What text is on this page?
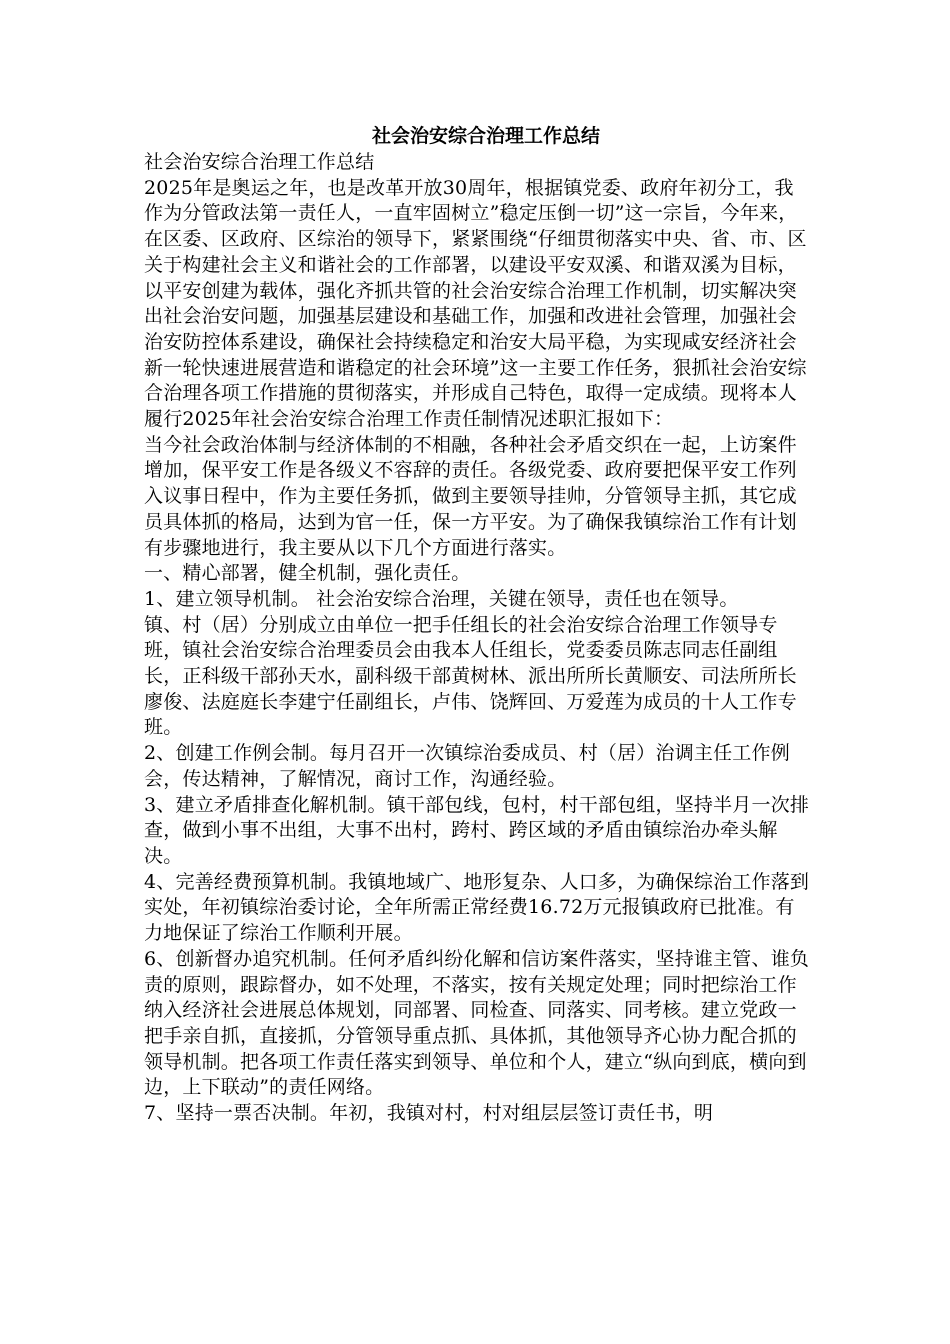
社会治安综合治理工作总结

社会治安综合治理工作总结

2025年是奥运之年，也是改革开放30周年，根据镇党委、政府年初分工，我作为分管政法第一责任人，一直牢固树立”稳定压倒一切”这一宗旨，今年来，在区委、区政府、区综治的领导下，紧紧围绕“仔细贯彻落实中央、省、市、区关于构建社会主义和谐社会的工作部署，以建设平安双溪、和谐双溪为目标，以平安创建为载体，强化齐抓共管的社会治安综合治理工作机制，切实解决突出社会治安问题，加强基层建设和基础工作，加强和改进社会管理，加强社会治安防控体系建设，确保社会持续稳定和治安大局平稳，为实现咸安经济社会新一轮快速进展营造和谐稳定的社会环境”这一主要工作任务，狠抓社会治安综合治理各项工作措施的贯彻落实，并形成自己特色，取得一定成绩。现将本人履行2025年社会治安综合治理工作责任制情况述职汇报如下：

当今社会政治体制与经济体制的不相融，各种社会矛盾交织在一起，上访案件增加，保平安工作是各级义不容辞的责任。各级党委、政府要把保平安工作列入议事日程中，作为主要任务抓，做到主要领导挂帅，分管领导主抓，其它成员具体抓的格局，达到为官一任，保一方平安。为了确保我镇综治工作有计划有步骤地进行，我主要从以下几个方面进行落实。

一、精心部署，健全机制，强化责任。

1、建立领导机制。 社会治安综合治理，关键在领导，责任也在领导。

镇、村（居）分别成立由单位一把手任组长的社会治安综合治理工作领导专班，镇社会治安综合治理委员会由我本人任组长，党委委员陈志同志任副组长，正科级干部孙天水，副科级干部黄树林、派出所所长黄顺安、司法所所长廖俊、法庭庭长李建宁任副组长，卢伟、饶辉回、万爱莲为成员的十人工作专班。

2、创建工作例会制。每月召开一次镇综治委成员、村（居）治调主任工作例会，传达精神，了解情况，商讨工作，沟通经验。

3、建立矛盾排查化解机制。镇干部包线，包村，村干部包组，坚持半月一次排查，做到小事不出组，大事不出村，跨村、跨区域的矛盾由镇综治办牵头解决。

4、完善经费预算机制。我镇地域广、地形复杂、人口多，为确保综治工作落到实处，年初镇综治委讨论，全年所需正常经费16.72万元报镇政府已批准。有力地保证了综治工作顺利开展。

6、创新督办追究机制。任何矛盾纠纷化解和信访案件落实，坚持谁主管、谁负责的原则，跟踪督办，如不处理，不落实，按有关规定处理；同时把综治工作纳入经济社会进展总体规划，同部署、同检查、同落实、同考核。建立党政一把手亲自抓，直接抓，分管领导重点抓、具体抓，其他领导齐心协力配合抓的领导机制。把各项工作责任落实到领导、单位和个人，建立“纵向到底，横向到边，上下联动”的责任网络。

7、坚持一票否决制。年初，我镇对村，村对组层层签订责任书，明
